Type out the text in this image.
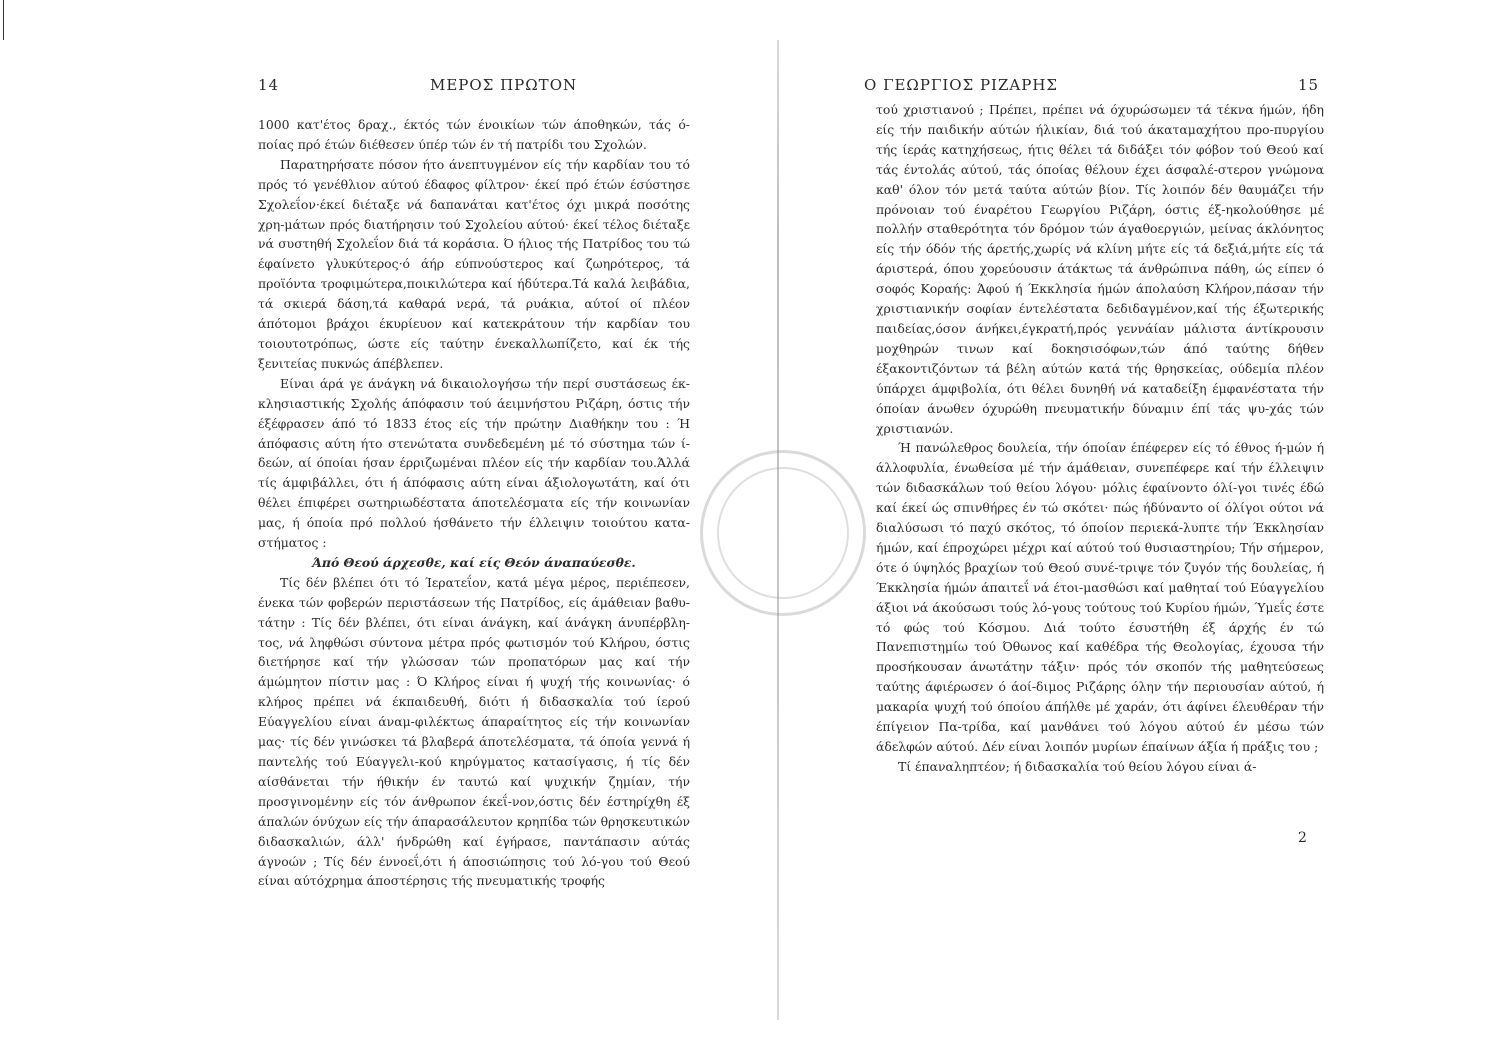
14	ΜΕΡΟΣ ΠΡΩΤΟΝ

1000 κατ'έτος δραχ., έκτός τών ένοικίων τών άποθηκών, τάς ό-ποίας πρό έτών διέθεσεν ύπέρ τών έν τή πατρίδι του Σχολών.

Παρατηρήσατε πόσον ήτο άνεπτυγμένον είς τήν καρδίαν του τό πρός τό γενέθλιον αύτού έδαφος φίλτρον· έκεί πρό έτών έσύστησε Σχολεΐον·έκεί διέταξε νά δαπανάται κατ'έτος όχι μικρά ποσότης χρη-μάτων πρός διατήρησιν τού Σχολείου αύτού· έκεί τέλος διέταξε νά συστηθή Σχολεΐον διά τά κοράσια. Ό ήλιος τής Πατρίδος του τώ έφαίνετο γλυκύτερος·ό άήρ εύπνούστερος καί ζωηρότερος, τά προϊόντα τροφιμώτερα,ποικιλώτερα καί ήδύτερα.Τά καλά λειβάδια, τά σκιερά δάση,τά καθαρά νερά, τά ρυάκια, αύτοί οί πλέον άπότομοι βράχοι έκυρίευον καί κατεκράτουν τήν καρδίαν του τοιουτοτρόπως, ώστε είς ταύτην ένεκαλλωπίζετο, καί έκ τής ξενιτείας πυκνώς άπέβλεπεν.

Είναι άρά γε άνάγκη νά δικαιολογήσω τήν περί συστάσεως έκ-κλησιαστικής Σχολής άπόφασιν τού άειμνήστου Ριζάρη, όστις τήν έξέφρασεν άπό τό 1833 έτος είς τήν πρώτην Διαθήκην του : Ή άπόφασις αύτη ήτο στενώτατα συνδεδεμένη μέ τό σύστημα τών ί-δεών, αί όποίαι ήσαν έρριζωμέναι πλέον είς τήν καρδίαν του.Άλλά τίς άμφιβάλλει, ότι ή άπόφασις αύτη είναι άξιολογωτάτη, καί ότι θέλει έπιφέρει σωτηριωδέστατα άποτελέσματα είς τήν κοινωνίαν μας, ή όποία πρό πολλού ήσθάνετο τήν έλλειψιν τοιούτου κατα-στήματος :

Άπό Θεού άρχεσθε, καί είς Θεόν άναπαύεσθε.

Τίς δέν βλέπει ότι τό Ίερατεΐον, κατά μέγα μέρος, περιέπεσεν, ένεκα τών φοβερών περιστάσεων τής Πατρίδος, είς άμάθειαν βαθυ-τάτην : Τίς δέν βλέπει, ότι είναι άνάγκη, καί άνάγκη άνυπέρβλη-τος, νά ληφθώσι σύντονα μέτρα πρός φωτισμόν τού Κλήρου, όστις διετήρησε καί τήν γλώσσαν τών προπατόρων μας καί τήν άμώμητον πίστιν μας : Ό Κλήρος είναι ή ψυχή τής κοινωνίας· ό κλήρος πρέπει νά έκπαιδευθή, διότι ή διδασκαλία τού ίερού Εύαγγελίου είναι άναμ-φιλέκτως άπαραίτητος είς τήν κοινωνίαν μας· τίς δέν γινώσκει τά βλαβερά άποτελέσματα, τά όποία γεννά ή παντελής τού Εύαγγελι-κού κηρύγματος κατασίγασις, ή τίς δέν αίσθάνεται τήν ήθικήν έν ταυτώ καί ψυχικήν ζημίαν, τήν προσγινομένην είς τόν άνθρωπον έκεΐ-νον,όστις δέν έστηρίχθη έξ άπαλών όνύχων είς τήν άπαρασάλευτον κρηπίδα τών θρησκευτικών διδασκαλιών, άλλ' ήνδρώθη καί έγήρασε, παντάπασιν αύτάς άγνοών ; Τίς δέν έννοεΐ,ότι ή άποσιώπησις τού λό-γου τού Θεού είναι αύτόχρημα άποστέρησις τής πνευματικής τροφής

Ο ΓΕΩΡΓΙΟΣ ΡΙΖΑΡΗΣ	15

τού χριστιανού ; Πρέπει, πρέπει νά όχυρώσωμεν τά τέκνα ήμών, ήδη είς τήν παιδικήν αύτών ήλικίαν, διά τού άκαταμαχήτου προ-πυργίου τής ίεράς κατηχήσεως, ήτις θέλει τά διδάξει τόν φόβον τού Θεού καί τάς έντολάς αύτού, τάς όποίας θέλουν έχει άσφαλέ-στερον γνώμονα καθ' όλον τόν μετά ταύτα αύτών βίον. Τίς λοιπόν δέν θαυμάζει τήν πρόνοιαν τού έναρέτου Γεωργίου Ριζάρη, όστις έξ-ηκολούθησε μέ πολλήν σταθερότητα τόν δρόμον τών άγαθοεργιών, μείνας άκλόνητος είς τήν όδόν τής άρετής,χωρίς νά κλίνη μήτε είς τά δεξιά,μήτε είς τά άριστερά, όπου χορεύουσιν άτάκτως τά άνθρώπινα πάθη, ώς είπεν ό σοφός Κοραής: Άφού ή Έκκλησία ήμών άπολαύση Κλήρον,πάσαν τήν χριστιανικήν σοφίαν έντελέστατα δεδιδαγμένον,καί τής έξωτερικής παιδείας,όσον άνήκει,έγκρατή,πρός γεννάίαν μάλιστα άντίκρουσιν μοχθηρών τινων καί δοκησισόφων,τών άπό ταύτης δήθεν έξακοντιζόντων τά βέλη αύτών κατά τής θρησκείας, ούδεμία πλέον ύπάρχει άμφιβολία, ότι θέλει δυνηθή νά καταδείξη έμφανέστατα τήν όποίαν άνωθεν όχυρώθη πνευματικήν δύναμιν έπί τάς ψυ-χάς τών χριστιανών.

Ή πανώλεθρος δουλεία, τήν όποίαν έπέφερεν είς τό έθνος ή-μών ή άλλοφυλία, ένωθείσα μέ τήν άμάθειαν, συνεπέφερε καί τήν έλλειψιν τών διδασκάλων τού θείου λόγου· μόλις έφαίνοντο όλί-γοι τινές έδώ καί έκεί ώς σπινθήρες έν τώ σκότει· πώς ήδύναντο οί όλίγοι ούτοι νά διαλύσωσι τό παχύ σκότος, τό όποίον περιεκά-λυπτε τήν Έκκλησίαν ήμών, καί έπροχώρει μέχρι καί αύτού τού θυσιαστηρίου; Τήν σήμερον, ότε ό ύψηλός βραχίων τού Θεού συνέ-τριψε τόν ζυγόν τής δουλείας, ή Έκκλησία ήμών άπαιτεΐ νά έτοι-μασθώσι καί μαθηταί τού Εύαγγελίου άξιοι νά άκούσωσι τούς λό-γους τούτους τού Κυρίου ήμών, Ύμεΐς έστε τό φώς τού Κόσμου. Διά τούτο έσυστήθη έξ άρχής έν τώ Πανεπιστημίω τού Όθωνος καί καθέδρα τής Θεολογίας, έχουσα τήν προσήκουσαν άνωτάτην τάξιν· πρός τόν σκοπόν τής μαθητεύσεως ταύτης άφιέρωσεν ό άοί-διμος Ριζάρης όλην τήν περιουσίαν αύτού, ή μακαρία ψυχή τού όποίου άπήλθε μέ χαράν, ότι άφίνει έλευθέραν τήν έπίγειον Πα-τρίδα, καί μανθάνει τού λόγου αύτού έν μέσω τών άδελφών αύτού. Δέν είναι λοιπόν μυρίων έπαίνων άξία ή πράξις του ;

Τί έπαναληπτέον; ή διδασκαλία τού θείου λόγου είναι ά-

2
